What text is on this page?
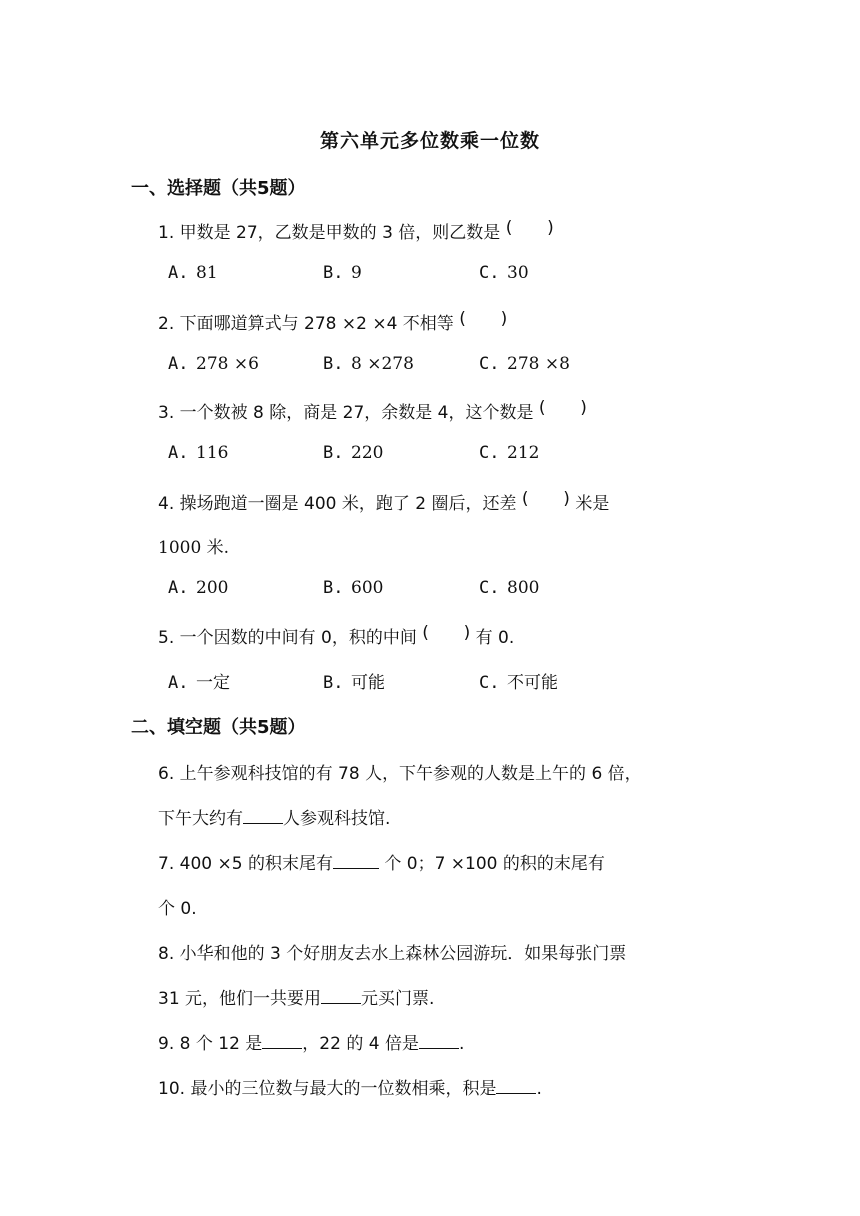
第六单元多位数乘一位数
一、选择题（共5题）
1. 甲数是 27，乙数是甲数的 3 倍，则乙数是 ( )
A. 81	B. 9	C. 30
2. 下面哪道算式与 278 ×2 ×4 不相等 ( )
A. 278 ×6	B. 8 ×278	C. 278 ×8
3. 一个数被 8 除，商是 27，余数是 4，这个数是 ( )
A. 116	B. 220	C. 212
4. 操场跑道一圈是 400 米，跑了 2 圈后，还差 ( )	米是
1000 米.
A. 200	B. 600	C. 800
5. 一个因数的中间有 0，积的中间 ( )	有 0.
A. 一定	B. 可能	C. 不可能
二、填空题（共5题）
6. 上午参观科技馆的有 78 人，下午参观的人数是上午的 6 倍，
下午大约有 人参观科技馆.
7. 400 ×5 的积末尾有	个 0；7 ×100 的积的末尾有
个 0.
8. 小华和他的 3 个好朋友去水上森林公园游玩．如果每张门票
31 元，他们一共要用 元买门票.
9. 8 个 12 是 ，22 的 4 倍是 .
10. 最小的三位数与最大的一位数相乘，积是 .
